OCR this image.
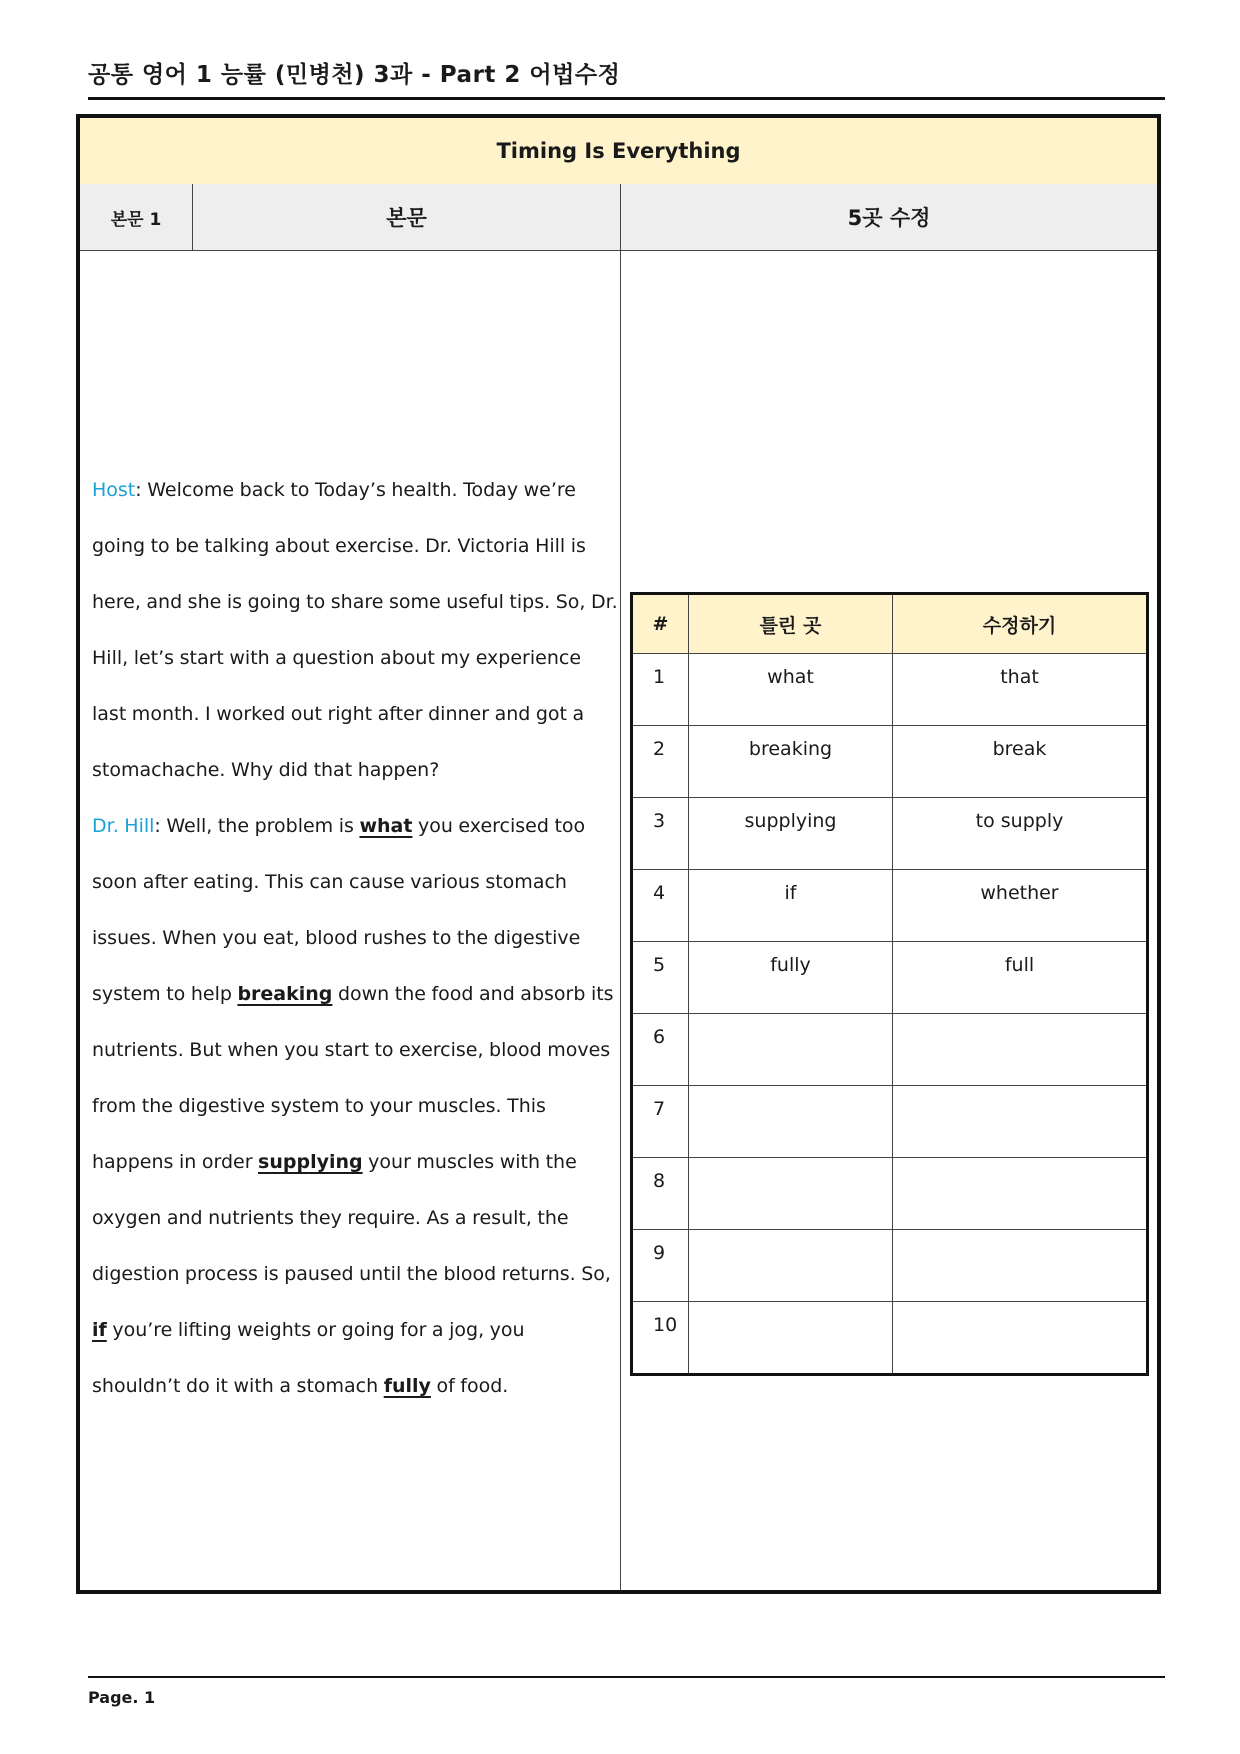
공통 영어 1 능률 (민병천) 3과 - Part 2 어법수정
Timing Is Everything
본문 1	본문	5곳 수정

Host: Welcome back to Today’s health. Today we’re going to be talking about exercise. Dr. Victoria Hill is here, and she is going to share some useful tips. So, Dr. Hill, let’s start with a question about my experience last month. I worked out right after dinner and got a stomachache. Why did that happen?

Dr. Hill: Well, the problem is what you exercised too soon after eating. This can cause various stomach issues. When you eat, blood rushes to the digestive system to help breaking down the food and absorb its nutrients. But when you start to exercise, blood moves from the digestive system to your muscles. This happens in order supplying your muscles with the oxygen and nutrients they require. As a result, the digestion process is paused until the blood returns. So, if you’re lifting weights or going for a jog, you shouldn’t do it with a stomach fully of food.

#	틀린 곳	수정하기
1	what	that
2	breaking	break
3	supplying	to supply
4	if	whether
5	fully	full
6		
7		
8		
9		
10		
Page. 1
